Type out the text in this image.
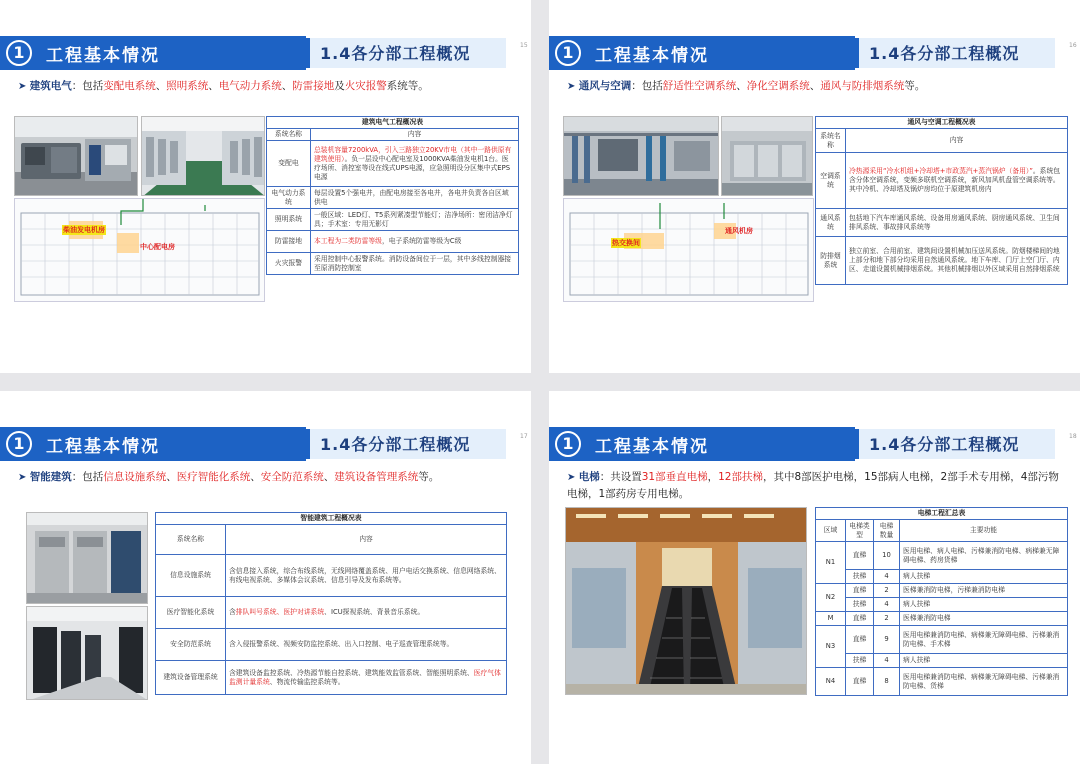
1	工程基本情况	1.4各分部工程概况	15
➤ 建筑电气：包括变配电系统、照明系统、电气动力系统、防雷接地及火灾报警系统等。
柴油发电机房
中心配电房
建筑电气工程概况表	
系统名称	内容
变配电	总装机容量7200kVA，引入三路独立20KV市电（其中一路供原有建筑使用）。负一层设中心配电室及1000KVA柴油发电机1台。医疗场所、消控室等设在线式UPS电源，应急照明设分区集中式EPS电源
电气动力系统	每层设置5个强电井，由配电房接至各电井，各电井负责各自区域供电
照明系统	一般区域：LED灯、T5系列紧凑型节能灯；洁净场所：密闭洁净灯具；手术室：专用无影灯
防雷接地	本工程为二类防雷等级，电子系统防雷等级为C级
火灾报警	采用控制中心报警系统。消防设备间位于一层，其中多线控制器接至原消防控制室
1	工程基本情况	1.4各分部工程概况	16
➤ 通风与空调：包括舒适性空调系统、净化空调系统、通风与防排烟系统等。
热交换间
通风机房
通风与空调工程概况表	
系统名称	内容
空调系统	冷热源采用“冷水机组+冷却塔+市政蒸汽+蒸汽锅炉（备用）”。系统包含分体空调系统，变频多联机空调系统，新风加风机盘管空调系统等。其中冷机、冷却塔及锅炉房均位于原建筑机房内
通风系统	包括地下汽车库通风系统、设备用房通风系统、厨房通风系统、卫生间排风系统、事故排风系统等
防排烟系统	独立前室、合用前室、建筑间设置机械加压送风系统。防烟楼梯间的地上部分和地下部分均采用自然通风系统。地下车库、门厅上空门厅、内区、走道设置机械排烟系统。其他机械排烟以外区域采用自然排烟系统
1	工程基本情况	1.4各分部工程概况	17
➤ 智能建筑：包括信息设施系统、医疗智能化系统、安全防范系统、建筑设备管理系统等。
智能建筑工程概况表	
系统名称	内容
信息设施系统	含信息接入系统，综合布线系统，无线网络覆盖系统、用户电话交换系统、信息网络系统、有线电视系统、多媒体会议系统、信息引导及发布系统等。
医疗智能化系统	含排队叫号系统、医护对讲系统、ICU探视系统、背景音乐系统。
安全防范系统	含入侵报警系统、视频安防监控系统、出入口控制、电子巡查管理系统等。
建筑设备管理系统	含建筑设备监控系统、冷热源节能自控系统、建筑能效监管系统、智能照明系统、医疗气体监测计量系统、物流传输监控系统等。
1	工程基本情况	1.4各分部工程概况	18
➤ 电梯：共设置31部垂直电梯，12部扶梯，其中8部医护电梯，15部病人电梯，2部手术专用梯，4部污物电梯，1部药房专用电梯。
电梯工程汇总表			
区域	电梯类型	电梯数量	主要功能
N1	直梯	10	医用电梯、病人电梯、污梯兼消防电梯、病梯兼无障碍电梯、药房货梯
	扶梯	4	病人扶梯
N2	直梯	2	医梯兼消防电梯，污梯兼消防电梯
	扶梯	4	病人扶梯
M	直梯	2	医梯兼消防电梯
N3	直梯	9	医用电梯兼消防电梯、病梯兼无障碍电梯、污梯兼消防电梯、手术梯
	扶梯	4	病人扶梯
N4	直梯	8	医用电梯兼消防电梯、病梯兼无障碍电梯、污梯兼消防电梯、货梯
